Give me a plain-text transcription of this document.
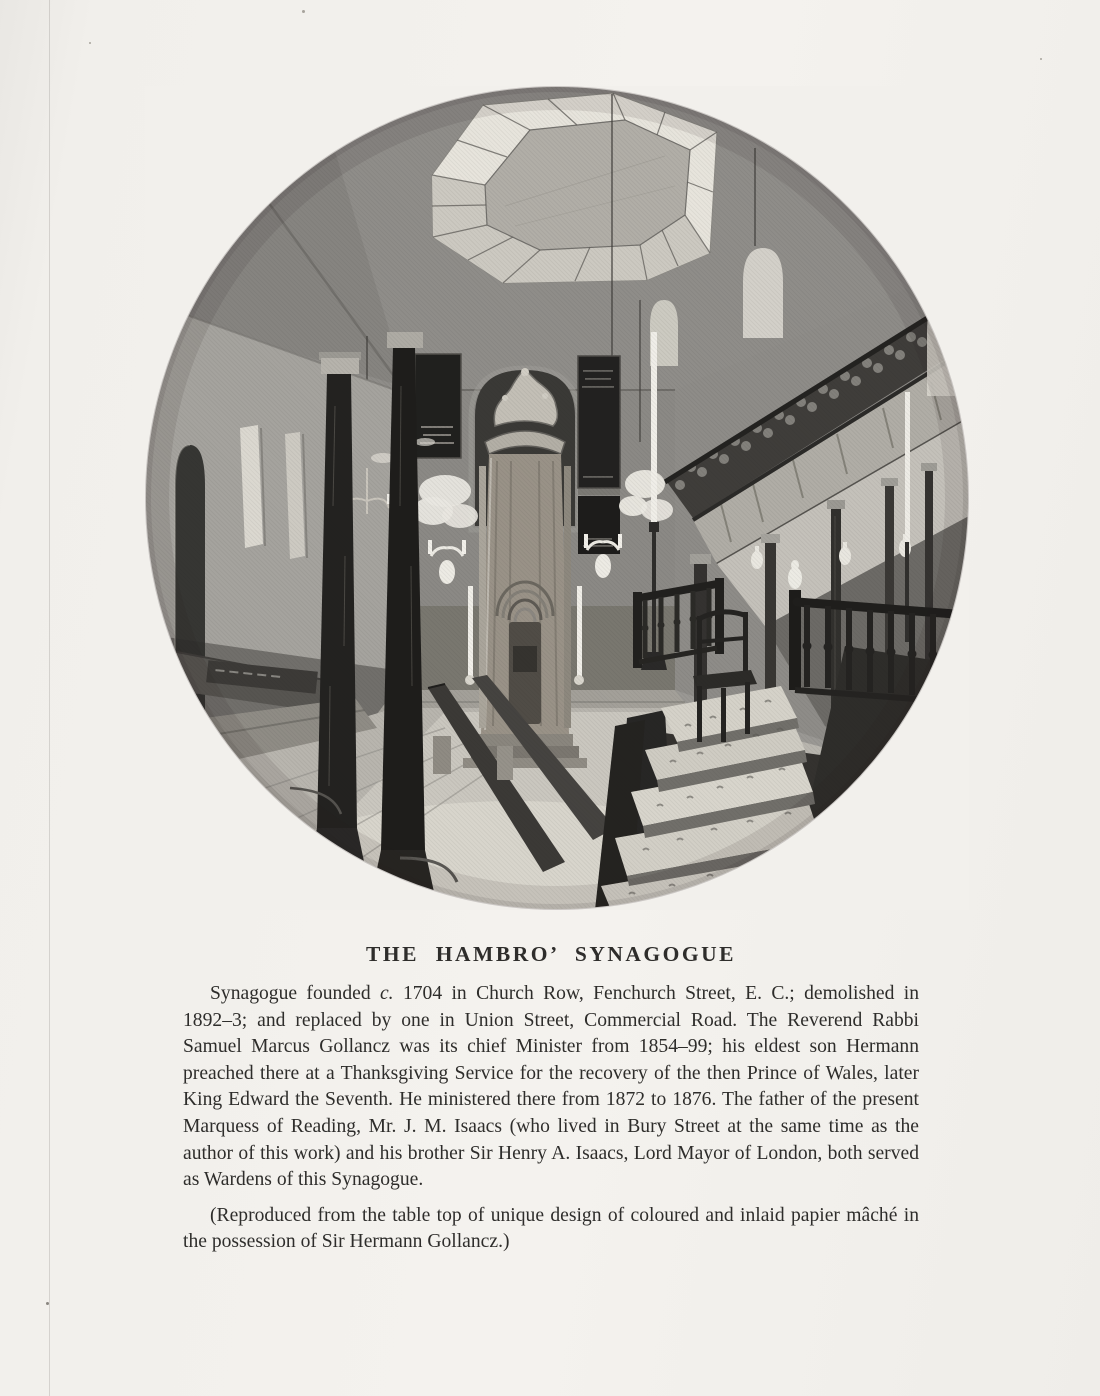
THE HAMBRO’ SYNAGOGUE

Synagogue founded c. 1704 in Church Row, Fenchurch Street, E. C.; demolished in 1892–3; and replaced by one in Union Street, Commercial Road. The Reverend Rabbi Samuel Marcus Gollancz was its chief Minister from 1854–99; his eldest son Hermann preached there at a Thanksgiving Service for the recovery of the then Prince of Wales, later King Edward the Seventh. He ministered there from 1872 to 1876. The father of the present Marquess of Reading, Mr. J. M. Isaacs (who lived in Bury Street at the same time as the author of this work) and his brother Sir Henry A. Isaacs, Lord Mayor of London, both served as Wardens of this Synagogue.

(Reproduced from the table top of unique design of coloured and inlaid papier mâché in the possession of Sir Hermann Gollancz.)
